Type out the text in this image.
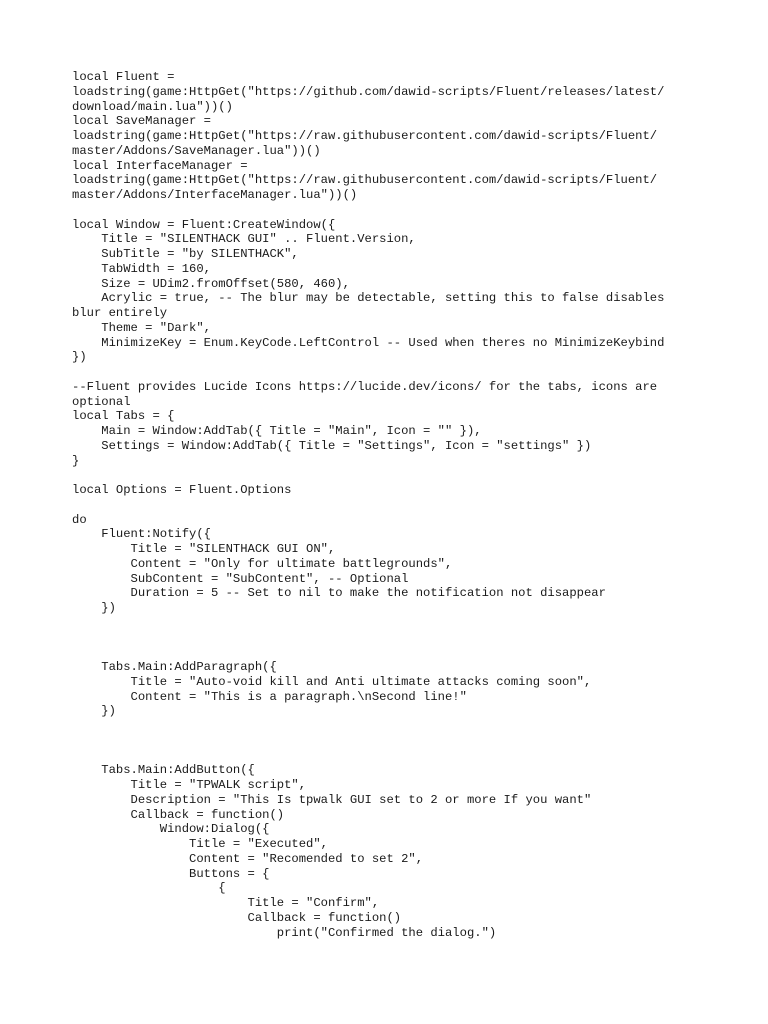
local Fluent =
loadstring(game:HttpGet("https://github.com/dawid-scripts/Fluent/releases/latest/
download/main.lua"))()
local SaveManager =
loadstring(game:HttpGet("https://raw.githubusercontent.com/dawid-scripts/Fluent/
master/Addons/SaveManager.lua"))()
local InterfaceManager =
loadstring(game:HttpGet("https://raw.githubusercontent.com/dawid-scripts/Fluent/
master/Addons/InterfaceManager.lua"))()
local Window = Fluent:CreateWindow({
Title = "SILENTHACK GUI" .. Fluent.Version,
SubTitle = "by SILENTHACK",
TabWidth = 160,
Size = UDim2.fromOffset(580, 460),
Acrylic = true, -- The blur may be detectable, setting this to false disables
blur entirely
Theme = "Dark",
MinimizeKey = Enum.KeyCode.LeftControl -- Used when theres no MinimizeKeybind
})
--Fluent provides Lucide Icons https://lucide.dev/icons/ for the tabs, icons are
optional
local Tabs = {
Main = Window:AddTab({ Title = "Main", Icon = "" }),
Settings = Window:AddTab({ Title = "Settings", Icon = "settings" })
}
local Options = Fluent.Options
do
Fluent:Notify({
Title = "SILENTHACK GUI ON",
Content = "Only for ultimate battlegrounds",
SubContent = "SubContent", -- Optional
Duration = 5 -- Set to nil to make the notification not disappear
})
Tabs.Main:AddParagraph({
Title = "Auto-void kill and Anti ultimate attacks coming soon",
Content = "This is a paragraph.\nSecond line!"
})
Tabs.Main:AddButton({
Title = "TPWALK script",
Description = "This Is tpwalk GUI set to 2 or more If you want"
Callback = function()
Window:Dialog({
Title = "Executed",
Content = "Recomended to set 2",
Buttons = {
{
Title = "Confirm",
Callback = function()
print("Confirmed the dialog.")
